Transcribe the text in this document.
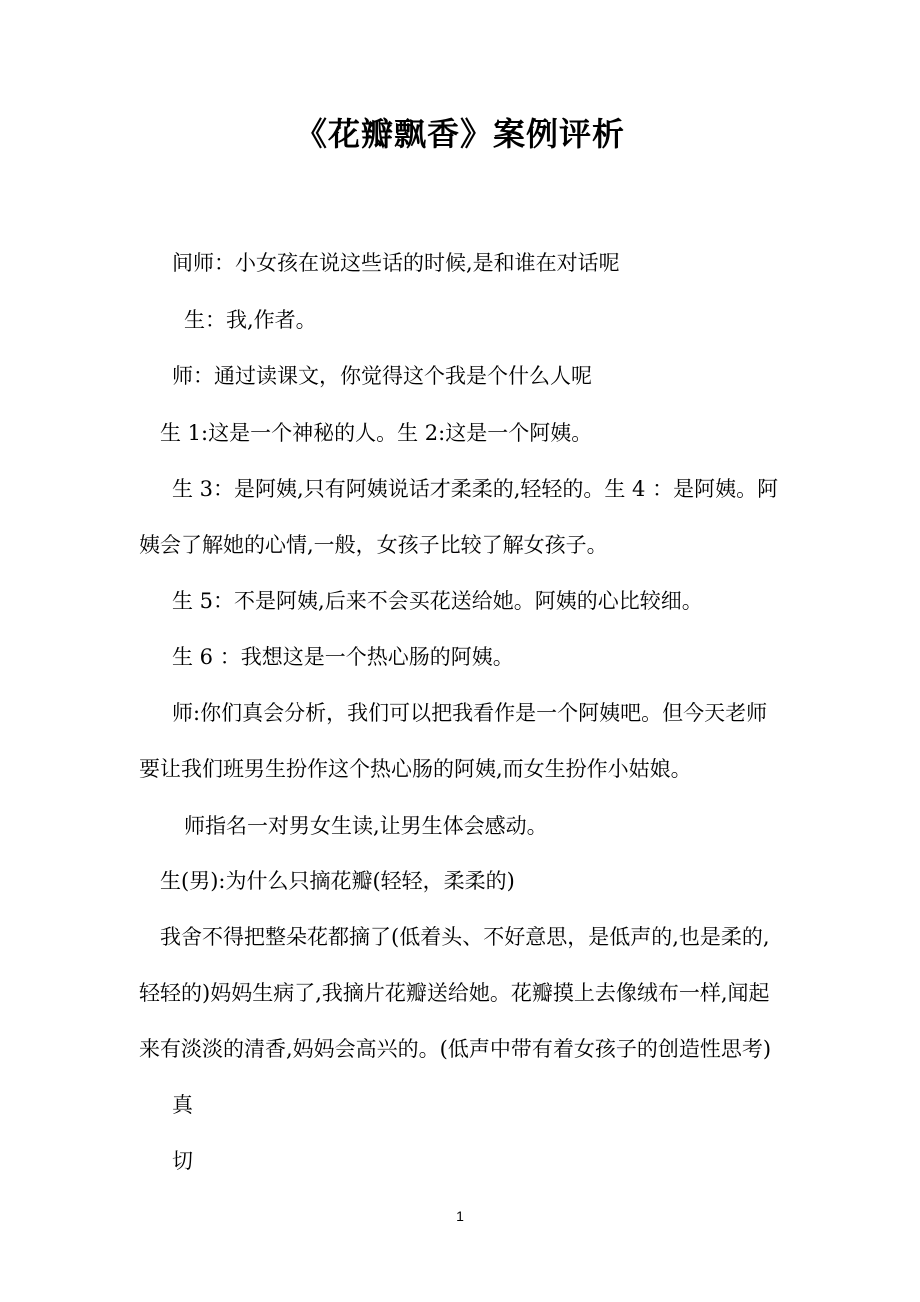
《花瓣飘香》案例评析
间师：小女孩在说这些话的时候,是和谁在对话呢
生：我,作者。
师：通过读课文，你觉得这个我是个什么人呢
生 1:这是一个神秘的人。生 2:这是一个阿姨。
生 3：是阿姨,只有阿姨说话才柔柔的,轻轻的。生 4 ：是阿姨。阿
姨会了解她的心情,一般，女孩子比较了解女孩子。
生 5：不是阿姨,后来不会买花送给她。阿姨的心比较细。
生 6 ：我想这是一个热心肠的阿姨。
师:你们真会分析，我们可以把我看作是一个阿姨吧。但今天老师
要让我们班男生扮作这个热心肠的阿姨,而女生扮作小姑娘。
师指名一对男女生读,让男生体会感动。
生(男):为什么只摘花瓣(轻轻，柔柔的)
我舍不得把整朵花都摘了(低着头、不好意思，是低声的,也是柔的,
轻轻的)妈妈生病了,我摘片花瓣送给她。花瓣摸上去像绒布一样,闻起
来有淡淡的清香,妈妈会高兴的。(低声中带有着女孩子的创造性思考)
真
切
1
